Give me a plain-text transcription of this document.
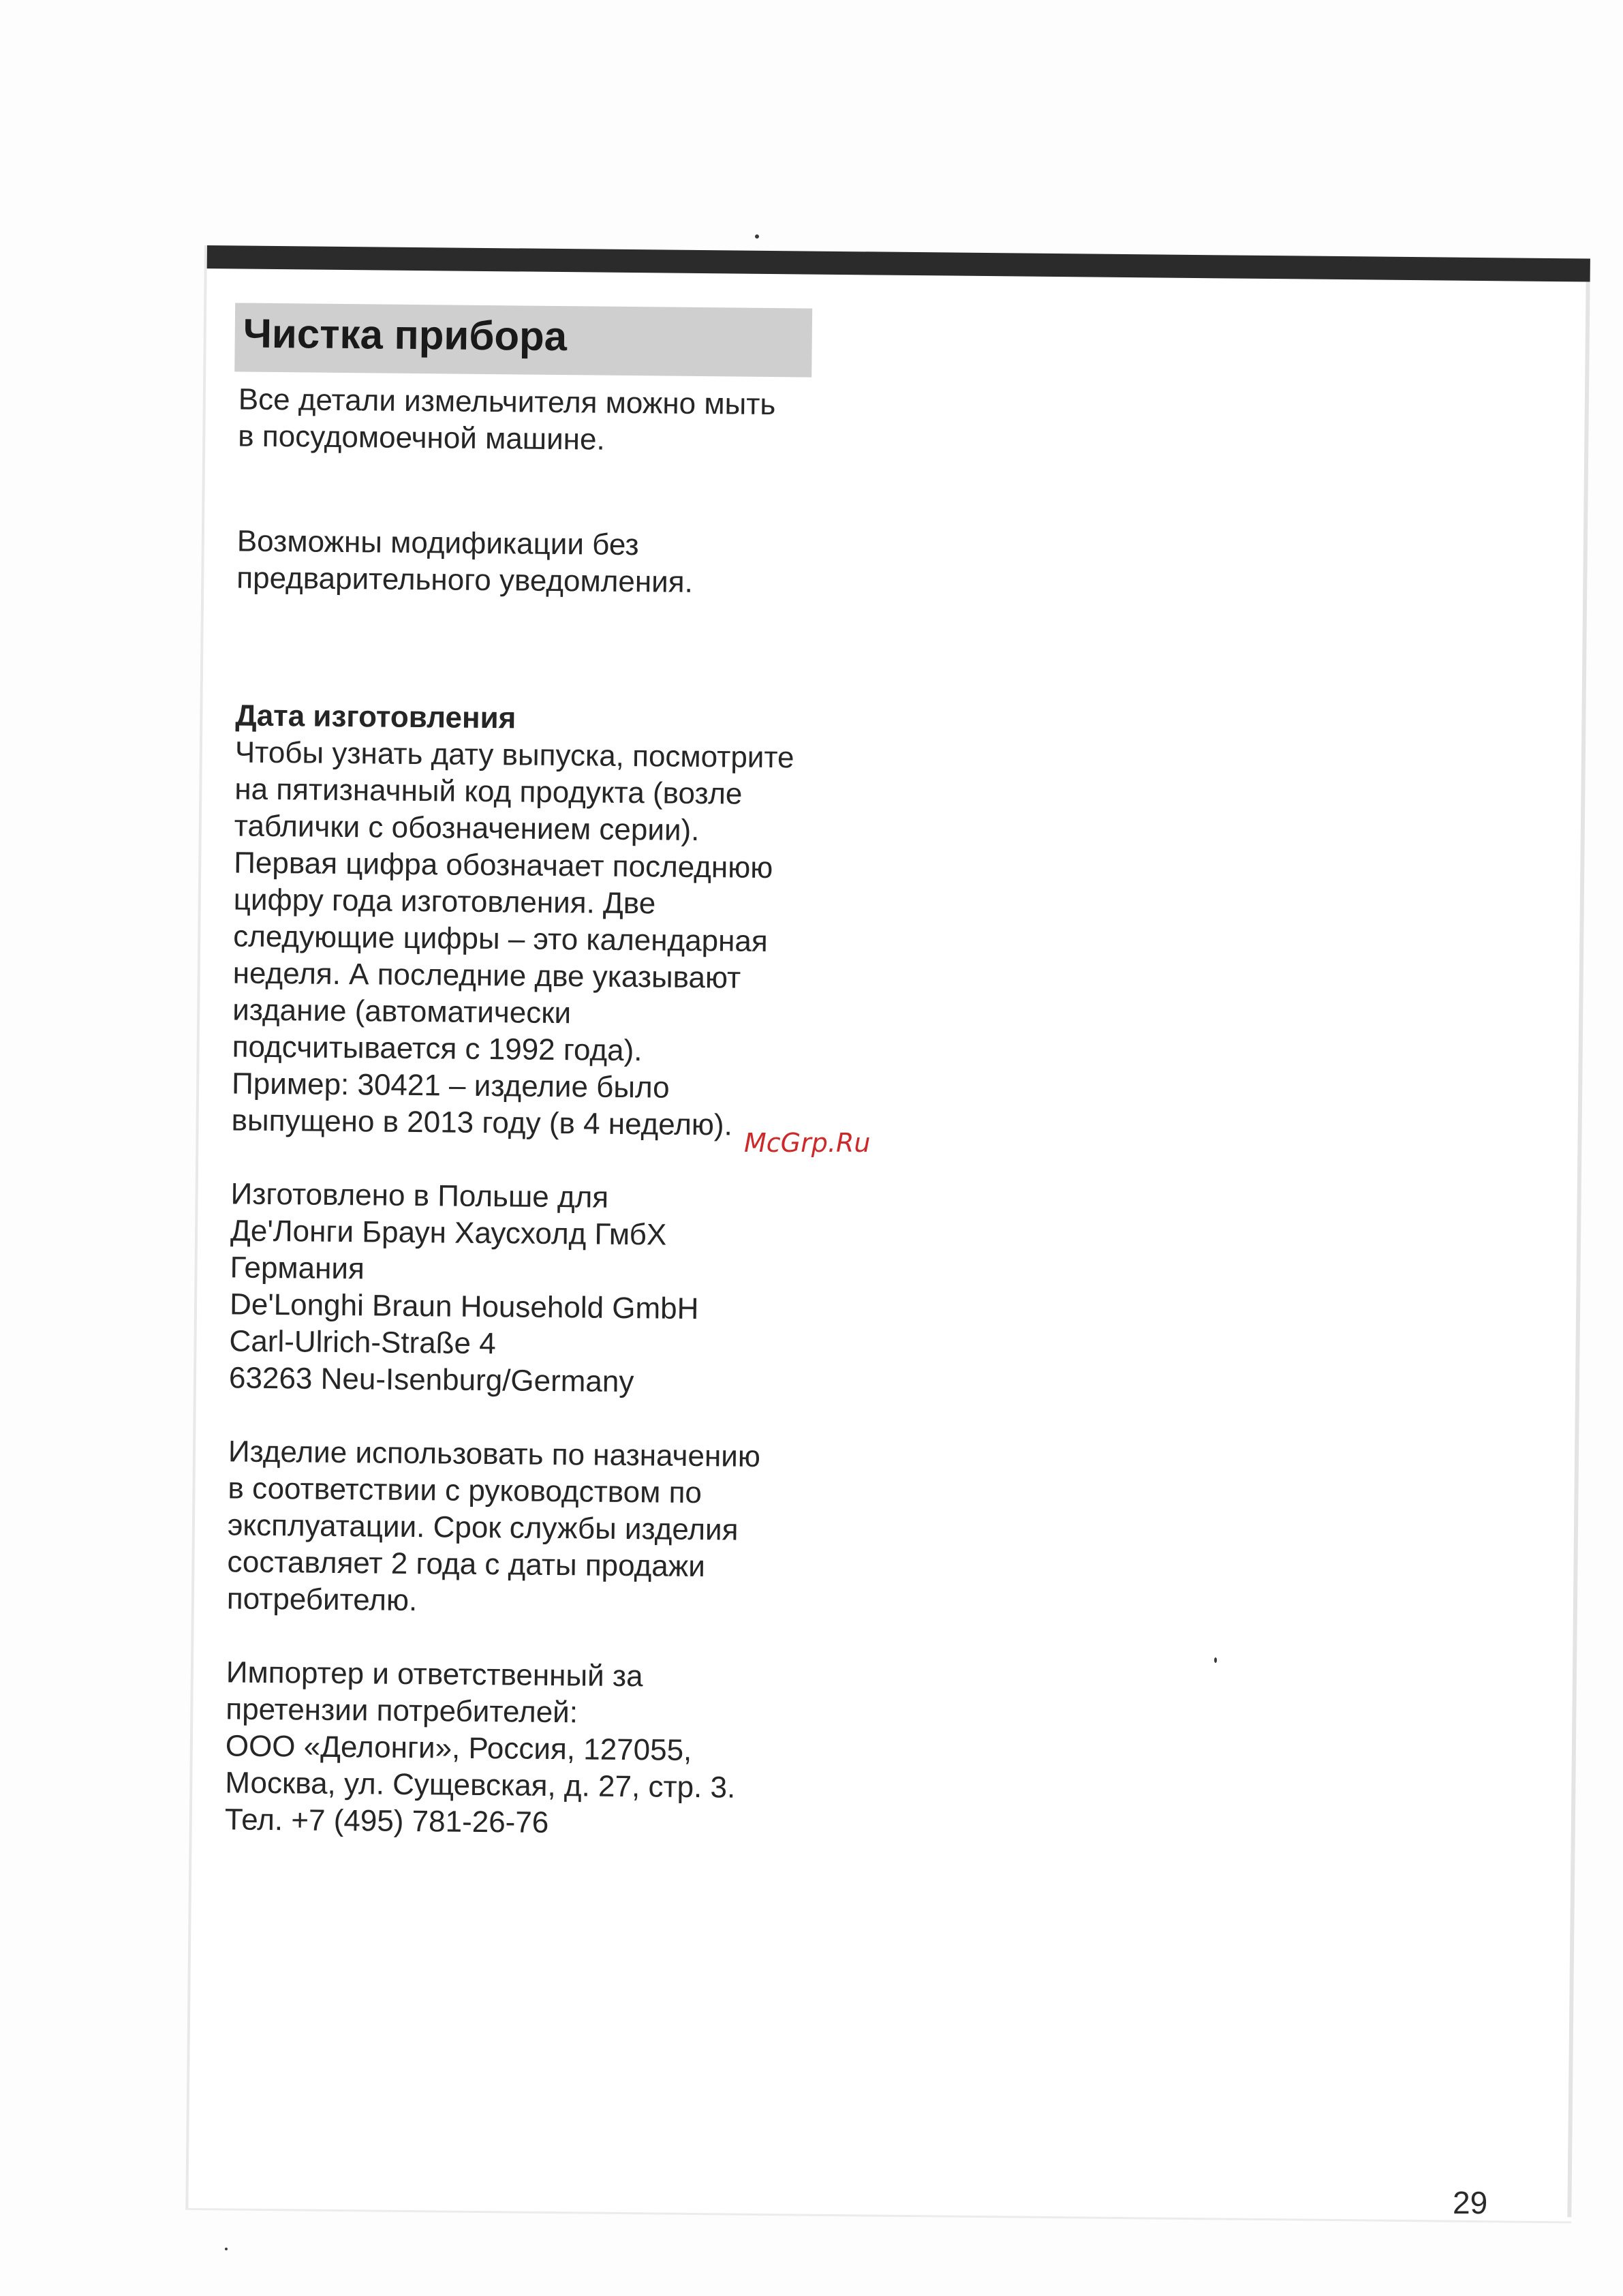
Чистка прибора

Все детали измельчителя можно мыть
в посудомоечной машине.

Возможны модификации без
предварительного уведомления.

Дата изготовления

Чтобы узнать дату выпуска, посмотрите
на пятизначный код продукта (возле
таблички с обозначением серии).
Первая цифра обозначает последнюю
цифру года изготовления. Две
следующие цифры – это календарная
неделя. А последние две указывают
издание (автоматически
подсчитывается с 1992 года).
Пример: 30421 – изделие было
выпущено в 2013 году (в 4 неделю).

Изготовлено в Польше для
Де'Лонги Браун Хаусхолд ГмбХ
Германия
De'Longhi Braun Household GmbH
Carl-Ulrich-Straße 4
63263 Neu-Isenburg/Germany

Изделие использовать по назначению
в соответствии с руководством по
эксплуатации. Срок службы изделия
составляет 2 года с даты продажи
потребителю.

Импортер и ответственный за
претензии потребителей:
ООО «Делонги», Россия, 127055,
Москва, ул. Сущевская, д. 27, стр. 3.
Тел. +7 (495) 781-26-76

McGrp.Ru
29
